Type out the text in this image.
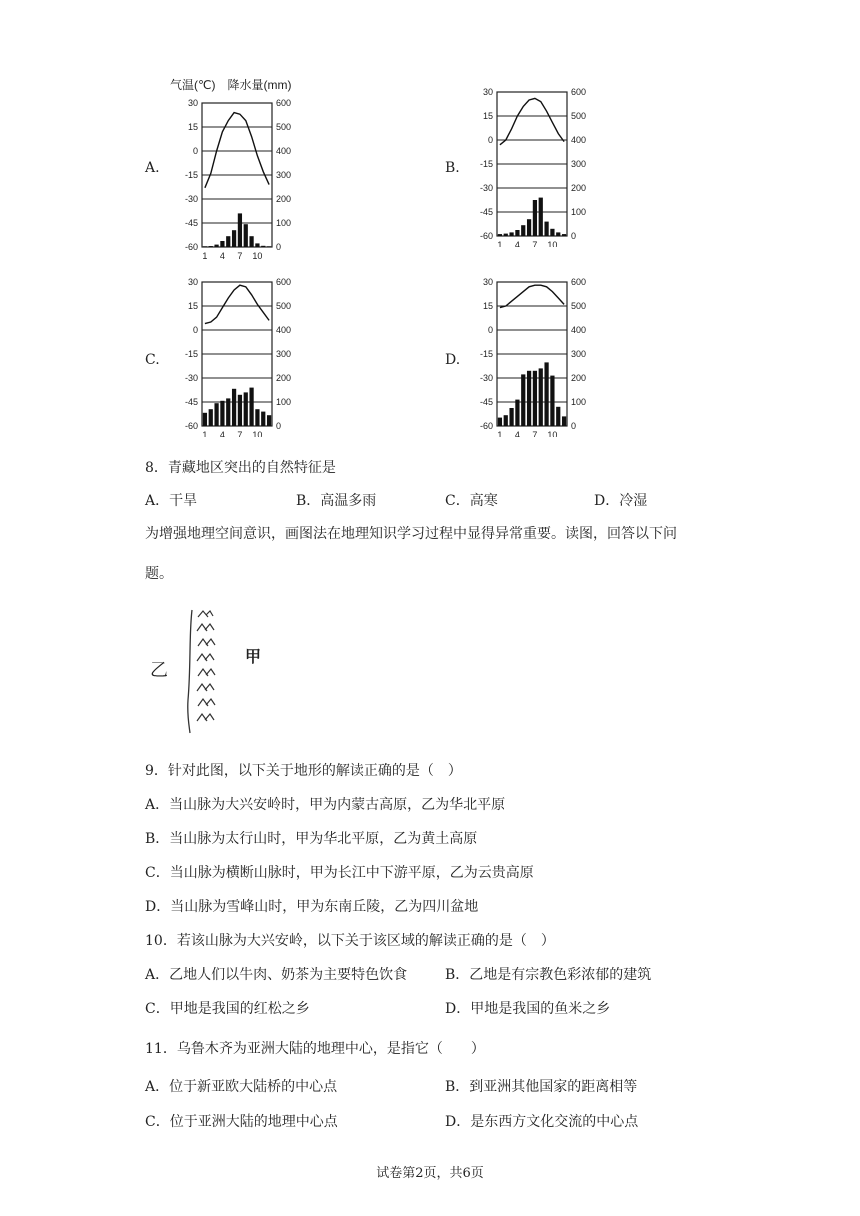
A.
气温(℃)　降水量(mm)
30
15
0
-15
-30
-45
-60
600
500
400
300
200
100
0
1 4 7 10
B.
30
15
0
-15
-30
-45
-60
600
500
400
300
200
100
0
1 4 7 10
C.
30
15
0
-15
-30
-45
-60
600
500
400
300
200
100
0
1 4 7 10
D.
30
15
0
-15
-30
-45
-60
600
500
400
300
200
100
0
1 4 7 10
8．青藏地区突出的自然特征是
A．干旱	B．高温多雨	C．高寒	D．冷湿
为增强地理空间意识，画图法在地理知识学习过程中显得异常重要。读图，回答以下问
题。
乙
甲
9．针对此图，以下关于地形的解读正确的是（　）
A．当山脉为大兴安岭时，甲为内蒙古高原，乙为华北平原
B．当山脉为太行山时，甲为华北平原，乙为黄土高原
C．当山脉为横断山脉时，甲为长江中下游平原，乙为云贵高原
D．当山脉为雪峰山时，甲为东南丘陵，乙为四川盆地
10．若该山脉为大兴安岭，以下关于该区域的解读正确的是（　）
A．乙地人们以牛肉、奶茶为主要特色饮食	B．乙地是有宗教色彩浓郁的建筑
C．甲地是我国的红松之乡	D．甲地是我国的鱼米之乡
11．乌鲁木齐为亚洲大陆的地理中心，是指它（　　）
A．位于新亚欧大陆桥的中心点	B．到亚洲其他国家的距离相等
C．位于亚洲大陆的地理中心点	D．是东西方文化交流的中心点
试卷第2页，共6页
